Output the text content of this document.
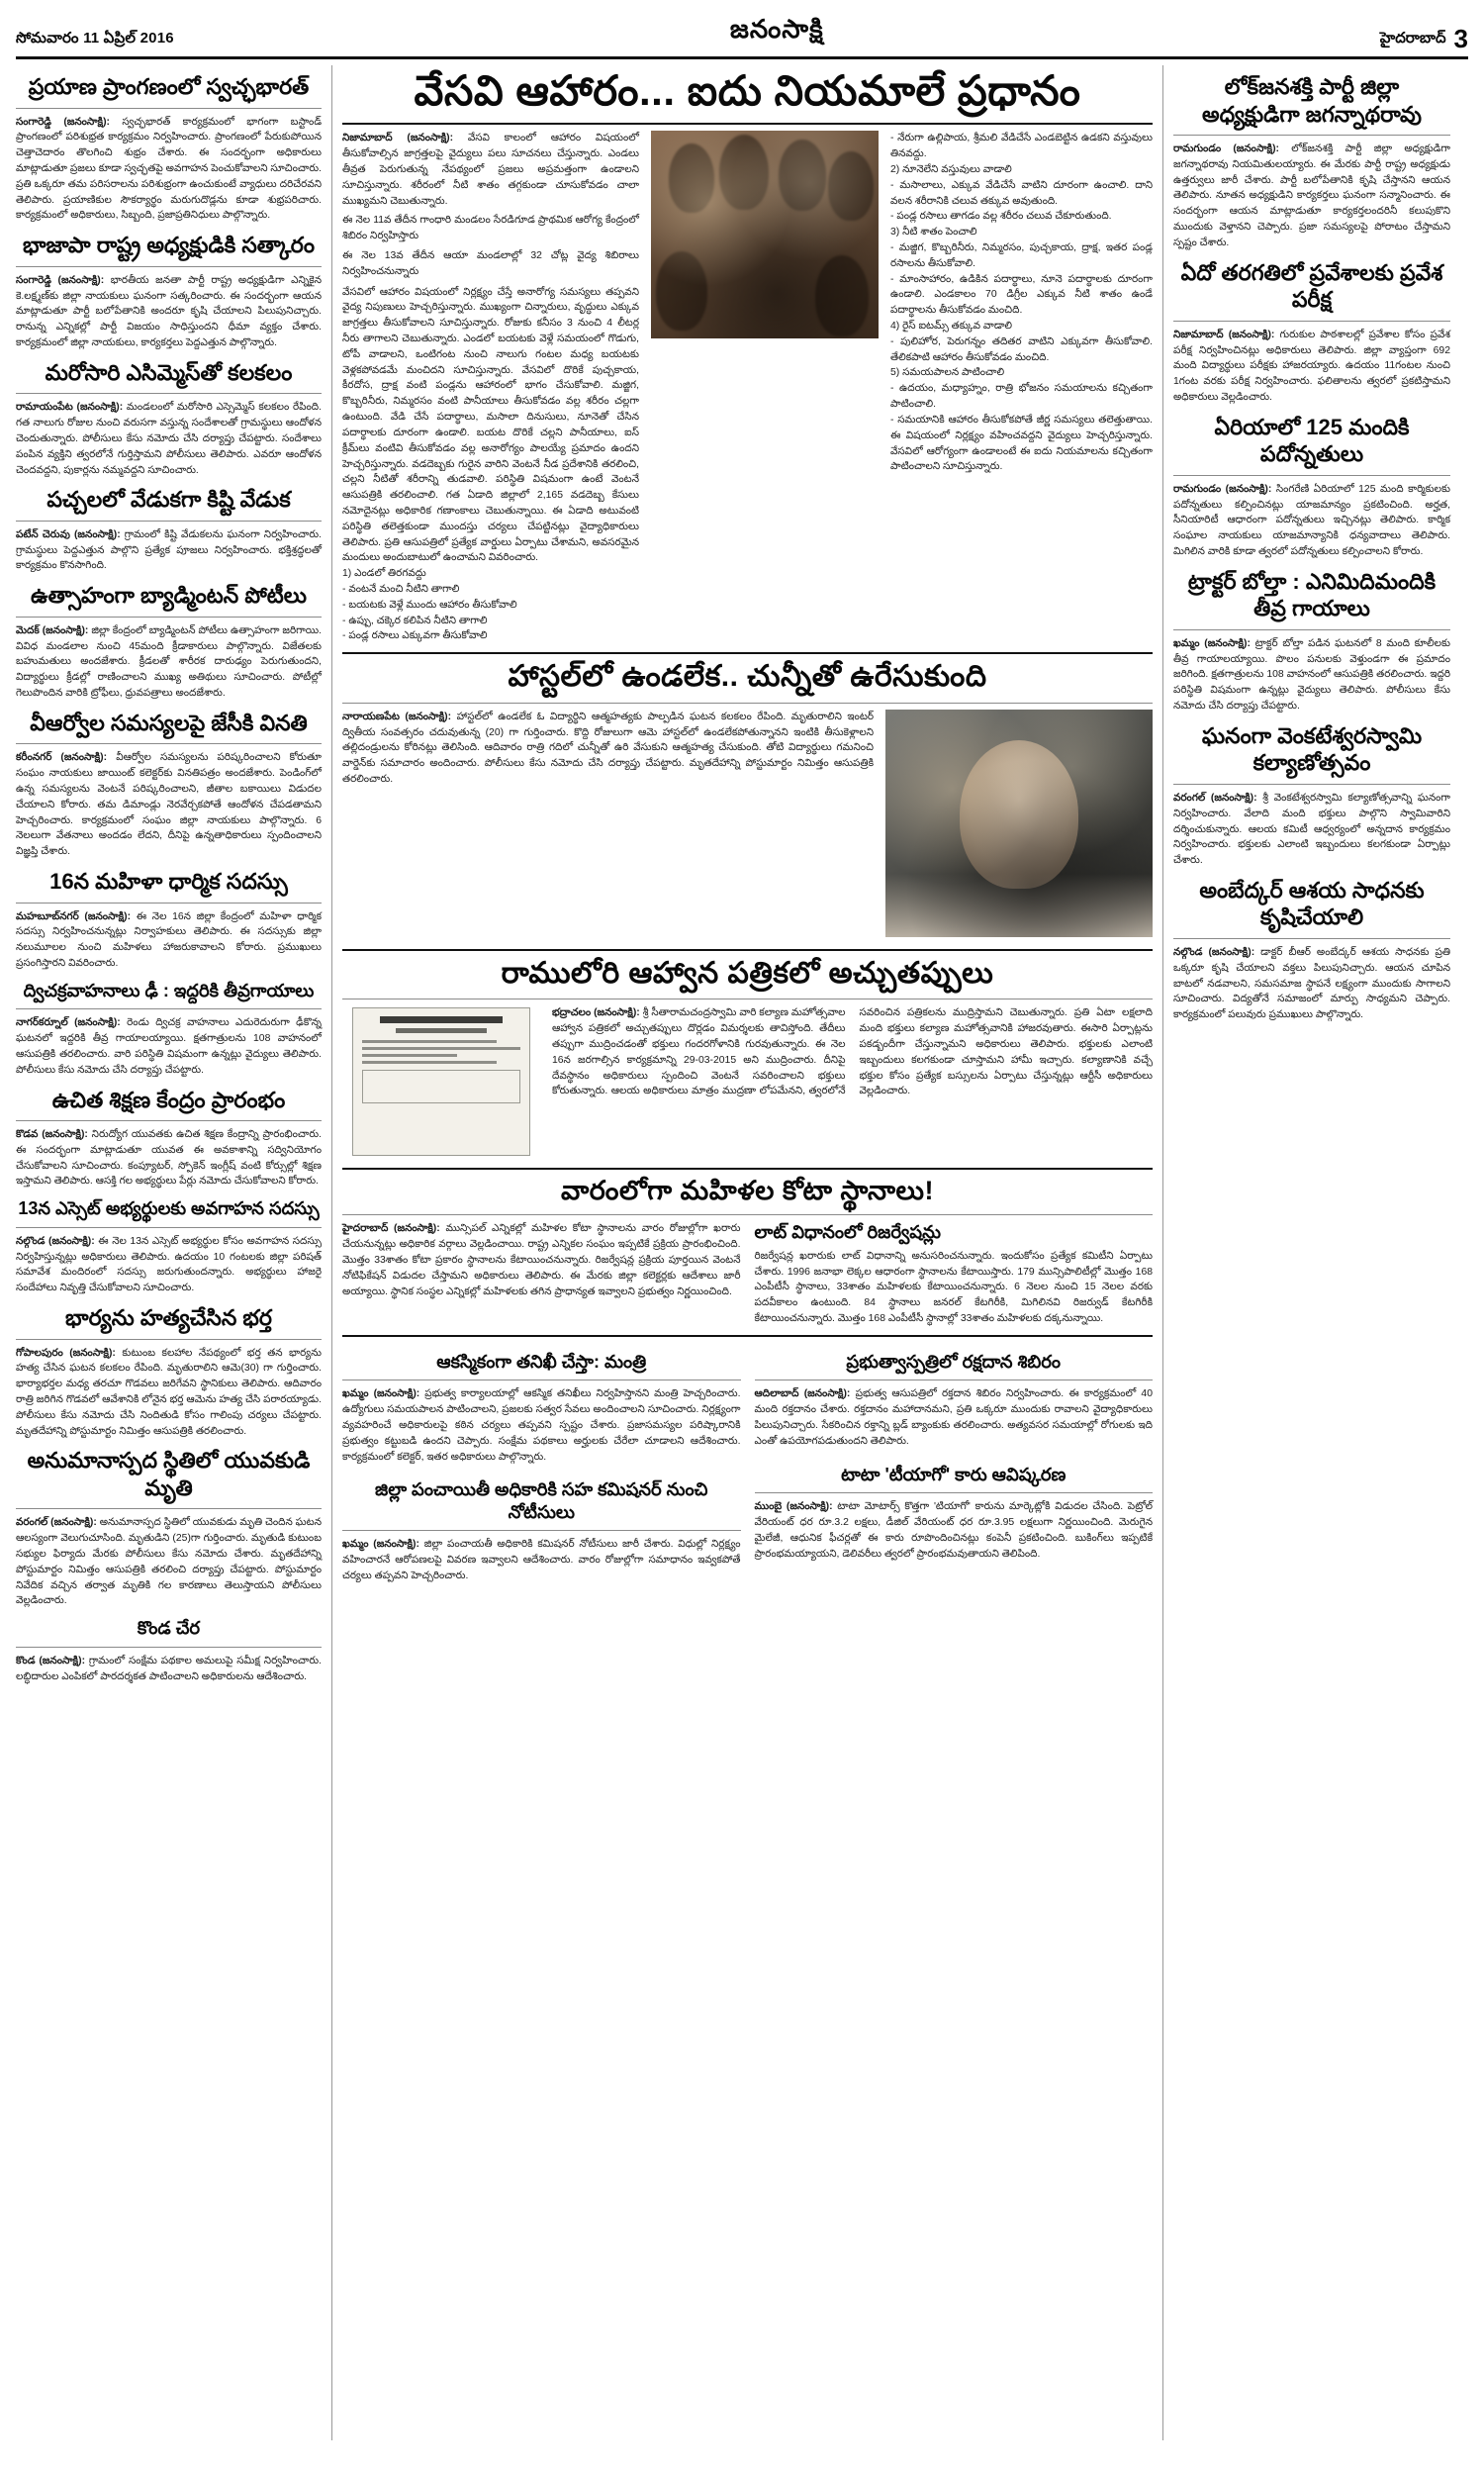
సోమవారం 11 ఏప్రిల్ 2016	జనంసాక్షి	హైదరాబాద్ 3
ప్రయాణ ప్రాంగణంలో స్వచ్ఛభారత్
సంగారెడ్డి (జనంసాక్షి): స్వచ్ఛభారత్ కార్యక్రమంలో భాగంగా బస్టాండ్ ప్రాంగణంలో పరిశుభ్రత కార్యక్రమం నిర్వహించారు. ప్రాంగణంలో పేరుకుపోయిన చెత్తాచెదారం తొలగించి శుభ్రం చేశారు. ఈ సందర్భంగా అధికారులు మాట్లాడుతూ ప్రజలు కూడా స్వచ్ఛతపై అవగాహన పెంచుకోవాలని సూచించారు. ప్రతి ఒక్కరూ తమ పరిసరాలను పరిశుభ్రంగా ఉంచుకుంటే వ్యాధులు దరిచేరవని తెలిపారు. ప్రయాణికుల సౌకర్యార్థం మరుగుదొడ్లను కూడా శుభ్రపరిచారు. కార్యక్రమంలో అధికారులు, సిబ్బంది, ప్రజాప్రతినిధులు పాల్గొన్నారు.
భాజాపా రాష్ట్ర అధ్యక్షుడికి సత్కారం
సంగారెడ్డి (జనంసాక్షి): భారతీయ జనతా పార్టీ రాష్ట్ర అధ్యక్షుడిగా ఎన్నికైన కె.లక్ష్మణ్‌కు జిల్లా నాయకులు ఘనంగా సత్కరించారు. ఈ సందర్భంగా ఆయన మాట్లాడుతూ పార్టీ బలోపేతానికి అందరూ కృషి చేయాలని పిలుపునిచ్చారు. రానున్న ఎన్నికల్లో పార్టీ విజయం సాధిస్తుందని ధీమా వ్యక్తం చేశారు. కార్యక్రమంలో జిల్లా నాయకులు, కార్యకర్తలు పెద్దఎత్తున పాల్గొన్నారు.
మరోసారి ఎసిమ్మెస్‌తో కలకలం
రామాయంపేట (జనంసాక్షి): మండలంలో మరోసారి ఎస్సెమ్మెస్ కలకలం రేపింది. గత నాలుగు రోజుల నుంచి వరుసగా వస్తున్న సందేశాలతో గ్రామస్థులు ఆందోళన చెందుతున్నారు. పోలీసులు కేసు నమోదు చేసి దర్యాప్తు చేపట్టారు. సందేశాలు పంపిన వ్యక్తిని త్వరలోనే గుర్తిస్తామని పోలీసులు తెలిపారు. ఎవరూ ఆందోళన చెందవద్దని, పుకార్లను నమ్మవద్దని సూచించారు.
పచ్చలలో వేడుకగా కిష్టి వేడుక
పటేన్ చెరువు (జనంసాక్షి): గ్రామంలో కిష్టి వేడుకలను ఘనంగా నిర్వహించారు. గ్రామస్థులు పెద్దఎత్తున పాల్గొని ప్రత్యేక పూజలు నిర్వహించారు. భక్తిశ్రద్ధలతో కార్యక్రమం కొనసాగింది.
ఉత్సాహంగా బ్యాడ్మింటన్ పోటీలు
మెదక్ (జనంసాక్షి): జిల్లా కేంద్రంలో బ్యాడ్మింటన్ పోటీలు ఉత్సాహంగా జరిగాయి. వివిధ మండలాల నుంచి 45మంది క్రీడాకారులు పాల్గొన్నారు. విజేతలకు బహుమతులు అందజేశారు. క్రీడలతో శారీరక దారుఢ్యం పెరుగుతుందని, విద్యార్థులు క్రీడల్లో రాణించాలని ముఖ్య అతిథులు సూచించారు. పోటీల్లో గెలుపొందిన వారికి ట్రోఫీలు, ధ్రువపత్రాలు అందజేశారు.
వీఆర్వోల సమస్యలపై జేసీకి వినతి
కరీంనగర్ (జనంసాక్షి): వీఆర్వోల సమస్యలను పరిష్కరించాలని కోరుతూ సంఘం నాయకులు జాయింట్ కలెక్టర్‌కు వినతిపత్రం అందజేశారు. పెండింగ్‌లో ఉన్న సమస్యలను వెంటనే పరిష్కరించాలని, జీతాల బకాయిలు విడుదల చేయాలని కోరారు. తమ డిమాండ్లు నెరవేర్చకపోతే ఆందోళన చేపడతామని హెచ్చరించారు. కార్యక్రమంలో సంఘం జిల్లా నాయకులు పాల్గొన్నారు. 6 నెలలుగా వేతనాలు అందడం లేదని, దీనిపై ఉన్నతాధికారులు స్పందించాలని విజ్ఞప్తి చేశారు.
16న మహిళా ధార్మిక సదస్సు
మహబూబ్‌నగర్ (జనంసాక్షి): ఈ నెల 16న జిల్లా కేంద్రంలో మహిళా ధార్మిక సదస్సు నిర్వహించనున్నట్లు నిర్వాహకులు తెలిపారు. ఈ సదస్సుకు జిల్లా నలుమూలల నుంచి మహిళలు హాజరుకావాలని కోరారు. ప్రముఖులు ప్రసంగిస్తారని వివరించారు.
ద్విచక్రవాహనాలు ఢీ : ఇద్దరికి తీవ్రగాయాలు
నాగర్‌కర్నూల్ (జనంసాక్షి): రెండు ద్విచక్ర వాహనాలు ఎదురెదురుగా ఢీకొన్న ఘటనలో ఇద్దరికి తీవ్ర గాయాలయ్యాయి. క్షతగాత్రులను 108 వాహనంలో ఆసుపత్రికి తరలించారు. వారి పరిస్థితి విషమంగా ఉన్నట్లు వైద్యులు తెలిపారు. పోలీసులు కేసు నమోదు చేసి దర్యాప్తు చేపట్టారు.
ఉచిత శిక్షణ కేంద్రం ప్రారంభం
కొడవ (జనంసాక్షి): నిరుద్యోగ యువతకు ఉచిత శిక్షణ కేంద్రాన్ని ప్రారంభించారు. ఈ సందర్భంగా మాట్లాడుతూ యువత ఈ అవకాశాన్ని సద్వినియోగం చేసుకోవాలని సూచించారు. కంప్యూటర్, స్పోకెన్ ఇంగ్లీష్ వంటి కోర్సుల్లో శిక్షణ ఇస్తామని తెలిపారు. ఆసక్తి గల అభ్యర్థులు పేర్లు నమోదు చేసుకోవాలని కోరారు.
13న ఎస్సెట్ అభ్యర్థులకు అవగాహన సదస్సు
నల్గొండ (జనంసాక్షి): ఈ నెల 13న ఎస్సెట్ అభ్యర్థుల కోసం అవగాహన సదస్సు నిర్వహిస్తున్నట్లు అధికారులు తెలిపారు. ఉదయం 10 గంటలకు జిల్లా పరిషత్ సమావేశ మందిరంలో సదస్సు జరుగుతుందన్నారు. అభ్యర్థులు హాజరై సందేహాలు నివృత్తి చేసుకోవాలని సూచించారు.
భార్యను హత్యచేసిన భర్త
గోపాలపురం (జనంసాక్షి): కుటుంబ కలహాల నేపథ్యంలో భర్త తన భార్యను హత్య చేసిన ఘటన కలకలం రేపింది. మృతురాలిని ఆమె(30) గా గుర్తించారు. భార్యాభర్తల మధ్య తరచూ గొడవలు జరిగేవని స్థానికులు తెలిపారు. ఆదివారం రాత్రి జరిగిన గొడవలో ఆవేశానికి లోనైన భర్త ఆమెను హత్య చేసి పరారయ్యాడు. పోలీసులు కేసు నమోదు చేసి నిందితుడి కోసం గాలింపు చర్యలు చేపట్టారు. మృతదేహాన్ని పోస్టుమార్టం నిమిత్తం ఆసుపత్రికి తరలించారు.
అనుమానాస్పద స్థితిలో యువకుడి మృతి
వరంగల్ (జనంసాక్షి): అనుమానాస్పద స్థితిలో యువకుడు మృతి చెందిన ఘటన ఆలస్యంగా వెలుగుచూసింది. మృతుడిని (25)గా గుర్తించారు. మృతుడి కుటుంబ సభ్యుల ఫిర్యాదు మేరకు పోలీసులు కేసు నమోదు చేశారు. మృతదేహాన్ని పోస్టుమార్టం నిమిత్తం ఆసుపత్రికి తరలించి దర్యాప్తు చేపట్టారు. పోస్టుమార్టం నివేదిక వచ్చిన తర్వాత మృతికి గల కారణాలు తెలుస్తాయని పోలీసులు వెల్లడించారు.
కొండ చేర
కొండ (జనంసాక్షి): గ్రామంలో సంక్షేమ పథకాల అమలుపై సమీక్ష నిర్వహించారు. లబ్ధిదారుల ఎంపికలో పారదర్శకత పాటించాలని అధికారులను ఆదేశించారు.
వేసవి ఆహారం... ఐదు నియమాలే ప్రధానం
నిజామాబాద్ (జనంసాక్షి): వేసవి కాలంలో ఆహారం విషయంలో తీసుకోవాల్సిన జాగ్రత్తలపై వైద్యులు పలు సూచనలు చేస్తున్నారు. ఎండలు తీవ్రత పెరుగుతున్న నేపథ్యంలో ప్రజలు అప్రమత్తంగా ఉండాలని సూచిస్తున్నారు. శరీరంలో నీటి శాతం తగ్గకుండా చూసుకోవడం చాలా ముఖ్యమని చెబుతున్నారు.
ఈ నెల 11వ తేదీన గాంధారి మండలం సేరడిగూడ ప్రాథమిక ఆరోగ్య కేంద్రంలో శిబిరం నిర్వహిస్తారు
ఈ నెల 13వ తేదీన ఆయా మండలాల్లో 32 చోట్ల వైద్య శిబిరాలు నిర్వహించనున్నారు
వేసవిలో ఆహారం విషయంలో నిర్లక్ష్యం చేస్తే అనారోగ్య సమస్యలు తప్పవని వైద్య నిపుణులు హెచ్చరిస్తున్నారు. ముఖ్యంగా చిన్నారులు, వృద్ధులు ఎక్కువ జాగ్రత్తలు తీసుకోవాలని సూచిస్తున్నారు. రోజుకు కనీసం 3 నుంచి 4 లీటర్ల నీరు తాగాలని చెబుతున్నారు. ఎండలో బయటకు వెళ్లే సమయంలో గొడుగు, టోపీ వాడాలని, ఒంటిగంట నుంచి నాలుగు గంటల మధ్య బయటకు వెళ్లకపోవడమే మంచిదని సూచిస్తున్నారు. వేసవిలో దొరికే పుచ్చకాయ, కీరదోస, ద్రాక్ష వంటి పండ్లను ఆహారంలో భాగం చేసుకోవాలి. మజ్జిగ, కొబ్బరినీరు, నిమ్మరసం వంటి పానీయాలు తీసుకోవడం వల్ల శరీరం చల్లగా ఉంటుంది. వేడి చేసే పదార్థాలు, మసాలా దినుసులు, నూనెతో చేసిన పదార్థాలకు దూరంగా ఉండాలి. బయట దొరికే చల్లని పానీయాలు, ఐస్ క్రీమ్‌లు వంటివి తీసుకోవడం వల్ల అనారోగ్యం పాలయ్యే ప్రమాదం ఉందని హెచ్చరిస్తున్నారు. వడదెబ్బకు గురైన వారిని వెంటనే నీడ ప్రదేశానికి తరలించి, చల్లని నీటితో శరీరాన్ని తుడవాలి. పరిస్థితి విషమంగా ఉంటే వెంటనే ఆసుపత్రికి తరలించాలి. గత ఏడాది జిల్లాలో 2,165 వడదెబ్బ కేసులు నమోదైనట్లు అధికారిక గణాంకాలు చెబుతున్నాయి. ఈ ఏడాది అటువంటి పరిస్థితి తలెత్తకుండా ముందస్తు చర్యలు చేపట్టినట్లు వైద్యాధికారులు తెలిపారు. ప్రతి ఆసుపత్రిలో ప్రత్యేక వార్డులు ఏర్పాటు చేశామని, అవసరమైన మందులు అందుబాటులో ఉంచామని వివరించారు.
1) ఎండలో తిరగవద్దు
- వంటనే మంచి నీటిని తాగాలి
- బయటకు వెళ్లే ముందు ఆహారం తీసుకోవాలి
- ఉప్పు, చక్కెర కలిపిన నీటిని తాగాలి
- పండ్ల రసాలు ఎక్కువగా తీసుకోవాలి
- నేరుగా ఉల్లిపాయ, శ్రీమలి వేడిచేసే ఎండబెట్టిన ఉడకని వస్తువులు తినవద్దు.
2) నూనెలేని వస్తువులు వాడాలి
- మసాలాలు, ఎక్కువ వేడిచేసే వాటిని దూరంగా ఉంచాలి. దాని వలన శరీరానికి చలువ తక్కువ అవుతుంది.
- పండ్ల రసాలు తాగడం వల్ల శరీరం చలువ చేకూరుతుంది.
3) నీటి శాతం పెంచాలి
- మజ్జిగ, కొబ్బరినీరు, నిమ్మరసం, పుచ్చకాయ, ద్రాక్ష, ఇతర పండ్ల రసాలను తీసుకోవాలి.
- మాంసాహారం, ఉడికిన పదార్థాలు, నూనె పదార్థాలకు దూరంగా ఉండాలి. ఎండకాలం 70 డిగ్రీల ఎక్కువ నీటి శాతం ఉండే పదార్థాలను తీసుకోవడం మంచిది.
4) రైస్ ఐటమ్స్ తక్కువ వాడాలి
- పులిహోర, పెరుగన్నం తదితర వాటిని ఎక్కువగా తీసుకోవాలి. తేలికపాటి ఆహారం తీసుకోవడం మంచిది.
5) సమయపాలన పాటించాలి
- ఉదయం, మధ్యాహ్నం, రాత్రి భోజనం సమయాలను కచ్చితంగా పాటించాలి.
- సమయానికి ఆహారం తీసుకోకపోతే జీర్ణ సమస్యలు తలెత్తుతాయి. ఈ విషయంలో నిర్లక్ష్యం వహించవద్దని వైద్యులు హెచ్చరిస్తున్నారు. వేసవిలో ఆరోగ్యంగా ఉండాలంటే ఈ ఐదు నియమాలను కచ్చితంగా పాటించాలని సూచిస్తున్నారు.
హాస్టల్‌లో ఉండలేక.. చున్నీతో ఉరేసుకుంది
నారాయణపేట (జనంసాక్షి): హాస్టల్‌లో ఉండలేక ఓ విద్యార్థిని ఆత్మహత్యకు పాల్పడిన ఘటన కలకలం రేపింది. మృతురాలిని ఇంటర్ ద్వితీయ సంవత్సరం చదువుతున్న (20) గా గుర్తించారు. కొద్ది రోజులుగా ఆమె హాస్టల్‌లో ఉండలేకపోతున్నానని ఇంటికి తీసుకెళ్లాలని తల్లిదండ్రులను కోరినట్లు తెలిసింది. ఆదివారం రాత్రి గదిలో చున్నీతో ఉరి వేసుకుని ఆత్మహత్య చేసుకుంది. తోటి విద్యార్థులు గమనించి వార్డెన్‌కు సమాచారం అందించారు. పోలీసులు కేసు నమోదు చేసి దర్యాప్తు చేపట్టారు. మృతదేహాన్ని పోస్టుమార్టం నిమిత్తం ఆసుపత్రికి తరలించారు.
రాములోరి ఆహ్వాన పత్రికలో అచ్చుతప్పులు
భద్రాచలం (జనంసాక్షి): శ్రీ సీతారామచంద్రస్వామి వారి కల్యాణ మహోత్సవాల ఆహ్వాన పత్రికలో అచ్చుతప్పులు దొర్లడం విమర్శలకు తావిస్తోంది. తేదీలు తప్పుగా ముద్రించడంతో భక్తులు గందరగోళానికి గురవుతున్నారు. ఈ నెల 16న జరగాల్సిన కార్యక్రమాన్ని 29-03-2015 అని ముద్రించారు. దీనిపై దేవస్థానం అధికారులు స్పందించి వెంటనే సవరించాలని భక్తులు కోరుతున్నారు. ఆలయ అధికారులు మాత్రం ముద్రణా లోపమేనని, త్వరలోనే సవరించిన పత్రికలను ముద్రిస్తామని చెబుతున్నారు. ప్రతి ఏటా లక్షలాది మంది భక్తులు కల్యాణ మహోత్సవానికి హాజరవుతారు. ఈసారి ఏర్పాట్లను పకడ్బందీగా చేస్తున్నామని అధికారులు తెలిపారు. భక్తులకు ఎలాంటి ఇబ్బందులు కలగకుండా చూస్తామని హామీ ఇచ్చారు. కల్యాణానికి వచ్చే భక్తుల కోసం ప్రత్యేక బస్సులను ఏర్పాటు చేస్తున్నట్లు ఆర్టీసీ అధికారులు వెల్లడించారు.
వారంలోగా మహిళల కోటా స్థానాలు!
హైదరాబాద్ (జనంసాక్షి): మున్సిపల్ ఎన్నికల్లో మహిళల కోటా స్థానాలను వారం రోజుల్లోగా ఖరారు చేయనున్నట్లు అధికారిక వర్గాలు వెల్లడించాయి. రాష్ట్ర ఎన్నికల సంఘం ఇప్పటికే ప్రక్రియ ప్రారంభించింది. మొత్తం 33శాతం కోటా ప్రకారం స్థానాలను కేటాయించనున్నారు. రిజర్వేషన్ల ప్రక్రియ పూర్తయిన వెంటనే నోటిఫికేషన్ విడుదల చేస్తామని అధికారులు తెలిపారు. ఈ మేరకు జిల్లా కలెక్టర్లకు ఆదేశాలు జారీ అయ్యాయి. స్థానిక సంస్థల ఎన్నికల్లో మహిళలకు తగిన ప్రాధాన్యత ఇవ్వాలని ప్రభుత్వం నిర్ణయించింది.
లాట్ విధానంలో రిజర్వేషన్లు
రిజర్వేషన్ల ఖరారుకు లాట్ విధానాన్ని అనుసరించనున్నారు. ఇందుకోసం ప్రత్యేక కమిటీని ఏర్పాటు చేశారు. 1996 జనాభా లెక్కల ఆధారంగా స్థానాలను కేటాయిస్తారు. 179 మున్సిపాలిటీల్లో మొత్తం 168 ఎంపీటీసీ స్థానాలు, 33శాతం మహిళలకు కేటాయించనున్నారు. 6 నెలల నుంచి 15 నెలల వరకు పదవీకాలం ఉంటుంది. 84 స్థానాలు జనరల్ కేటగిరీకి, మిగిలినవి రిజర్వుడ్ కేటగిరీకి కేటాయించనున్నారు. మొత్తం 168 ఎంపీటీసీ స్థానాల్లో 33శాతం మహిళలకు దక్కనున్నాయి.
ఆకస్మికంగా తనిఖీ చేస్తా: మంత్రి
ఖమ్మం (జనంసాక్షి): ప్రభుత్వ కార్యాలయాల్లో ఆకస్మిక తనిఖీలు నిర్వహిస్తానని మంత్రి హెచ్చరించారు. ఉద్యోగులు సమయపాలన పాటించాలని, ప్రజలకు సత్వర సేవలు అందించాలని సూచించారు. నిర్లక్ష్యంగా వ్యవహరించే అధికారులపై కఠిన చర్యలు తప్పవని స్పష్టం చేశారు. ప్రజాసమస్యల పరిష్కారానికి ప్రభుత్వం కట్టుబడి ఉందని చెప్పారు. సంక్షేమ పథకాలు అర్హులకు చేరేలా చూడాలని ఆదేశించారు. కార్యక్రమంలో కలెక్టర్, ఇతర అధికారులు పాల్గొన్నారు.
జిల్లా పంచాయితీ అధికారికి సహ కమిషనర్ నుంచి నోటీసులు
ఖమ్మం (జనంసాక్షి): జిల్లా పంచాయతీ అధికారికి కమిషనర్ నోటీసులు జారీ చేశారు. విధుల్లో నిర్లక్ష్యం వహించారనే ఆరోపణలపై వివరణ ఇవ్వాలని ఆదేశించారు. వారం రోజుల్లోగా సమాధానం ఇవ్వకపోతే చర్యలు తప్పవని హెచ్చరించారు.
ప్రభుత్వాస్పత్రిలో రక్షదాన శిబిరం
ఆదిలాబాద్ (జనంసాక్షి): ప్రభుత్వ ఆసుపత్రిలో రక్తదాన శిబిరం నిర్వహించారు. ఈ కార్యక్రమంలో 40 మంది రక్తదానం చేశారు. రక్తదానం మహాదానమని, ప్రతి ఒక్కరూ ముందుకు రావాలని వైద్యాధికారులు పిలుపునిచ్చారు. సేకరించిన రక్తాన్ని బ్లడ్ బ్యాంకుకు తరలించారు. అత్యవసర సమయాల్లో రోగులకు ఇది ఎంతో ఉపయోగపడుతుందని తెలిపారు.
టాటా 'టీయాగో' కారు ఆవిష్కరణ
ముంబై (జనంసాక్షి): టాటా మోటార్స్ కొత్తగా 'టియాగో' కారును మార్కెట్లోకి విడుదల చేసింది. పెట్రోల్ వేరియంట్ ధర రూ.3.2 లక్షలు, డీజిల్ వేరియంట్ ధర రూ.3.95 లక్షలుగా నిర్ణయించింది. మెరుగైన మైలేజీ, ఆధునిక ఫీచర్లతో ఈ కారు రూపొందించినట్లు కంపెనీ ప్రకటించింది. బుకింగ్‌లు ఇప్పటికే ప్రారంభమయ్యాయని, డెలివరీలు త్వరలో ప్రారంభమవుతాయని తెలిపింది.
లోక్‌జనశక్తి పార్టీ జిల్లా అధ్యక్షుడిగా జగన్నాథరావు
రామగుండం (జనంసాక్షి): లోక్‌జనశక్తి పార్టీ జిల్లా అధ్యక్షుడిగా జగన్నాథరావు నియమితులయ్యారు. ఈ మేరకు పార్టీ రాష్ట్ర అధ్యక్షుడు ఉత్తర్వులు జారీ చేశారు. పార్టీ బలోపేతానికి కృషి చేస్తానని ఆయన తెలిపారు. నూతన అధ్యక్షుడిని కార్యకర్తలు ఘనంగా సన్మానించారు. ఈ సందర్భంగా ఆయన మాట్లాడుతూ కార్యకర్తలందరినీ కలుపుకొని ముందుకు వెళ్తానని చెప్పారు. ప్రజా సమస్యలపై పోరాటం చేస్తామని స్పష్టం చేశారు.
ఏదో తరగతిలో ప్రవేశాలకు ప్రవేశ పరీక్ష
నిజామాబాద్ (జనంసాక్షి): గురుకుల పాఠశాలల్లో ప్రవేశాల కోసం ప్రవేశ పరీక్ష నిర్వహించినట్లు అధికారులు తెలిపారు. జిల్లా వ్యాప్తంగా 692 మంది విద్యార్థులు పరీక్షకు హాజరయ్యారు. ఉదయం 11గంటల నుంచి 1గంట వరకు పరీక్ష నిర్వహించారు. ఫలితాలను త్వరలో ప్రకటిస్తామని అధికారులు వెల్లడించారు.
ఏరియాలో 125 మందికి పదోన్నతులు
రామగుండం (జనంసాక్షి): సింగరేణి ఏరియాలో 125 మంది కార్మికులకు పదోన్నతులు కల్పించినట్లు యాజమాన్యం ప్రకటించింది. అర్హత, సీనియారిటీ ఆధారంగా పదోన్నతులు ఇచ్చినట్లు తెలిపారు. కార్మిక సంఘాల నాయకులు యాజమాన్యానికి ధన్యవాదాలు తెలిపారు. మిగిలిన వారికి కూడా త్వరలో పదోన్నతులు కల్పించాలని కోరారు.
ట్రాక్టర్ బోల్తా : ఎనిమిదిమందికి తీవ్ర గాయాలు
ఖమ్మం (జనంసాక్షి): ట్రాక్టర్ బోల్తా పడిన ఘటనలో 8 మంది కూలీలకు తీవ్ర గాయాలయ్యాయి. పొలం పనులకు వెళ్తుండగా ఈ ప్రమాదం జరిగింది. క్షతగాత్రులను 108 వాహనంలో ఆసుపత్రికి తరలించారు. ఇద్దరి పరిస్థితి విషమంగా ఉన్నట్లు వైద్యులు తెలిపారు. పోలీసులు కేసు నమోదు చేసి దర్యాప్తు చేపట్టారు.
ఘనంగా వెంకటేశ్వరస్వామి కల్యాణోత్సవం
వరంగల్ (జనంసాక్షి): శ్రీ వెంకటేశ్వరస్వామి కల్యాణోత్సవాన్ని ఘనంగా నిర్వహించారు. వేలాది మంది భక్తులు పాల్గొని స్వామివారిని దర్శించుకున్నారు. ఆలయ కమిటీ ఆధ్వర్యంలో అన్నదాన కార్యక్రమం నిర్వహించారు. భక్తులకు ఎలాంటి ఇబ్బందులు కలగకుండా ఏర్పాట్లు చేశారు.
అంబేద్కర్ ఆశయ సాధనకు కృషిచేయాలి
నల్గొండ (జనంసాక్షి): డాక్టర్ బీఆర్ అంబేద్కర్ ఆశయ సాధనకు ప్రతి ఒక్కరూ కృషి చేయాలని వక్తలు పిలుపునిచ్చారు. ఆయన చూపిన బాటలో నడవాలని, సమసమాజ స్థాపనే లక్ష్యంగా ముందుకు సాగాలని సూచించారు. విద్యతోనే సమాజంలో మార్పు సాధ్యమని చెప్పారు. కార్యక్రమంలో పలువురు ప్రముఖులు పాల్గొన్నారు.
